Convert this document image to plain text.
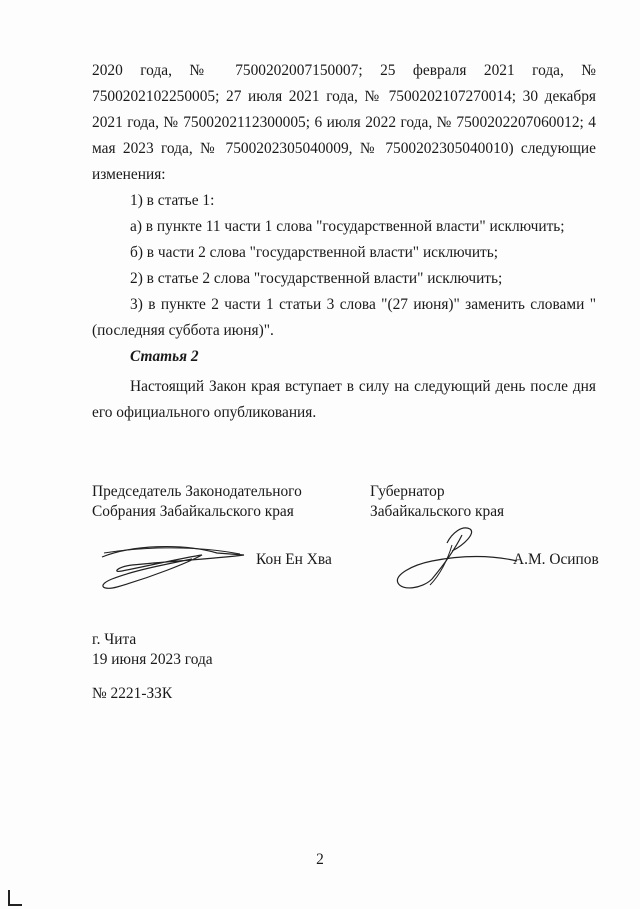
2020 года, № 7500202007150007; 25 февраля 2021 года, № 7500202102250005; 27 июля 2021 года, № 7500202107270014; 30 декабря 2021 года, № 7500202112300005; 6 июля 2022 года, № 7500202207060012; 4 мая 2023 года, № 7500202305040009, № 7500202305040010) следующие изменения:

1) в статье 1:

а) в пункте 11 части 1 слова "государственной власти" исключить;

б) в части 2 слова "государственной власти" исключить;

2) в статье 2 слова "государственной власти" исключить;

3) в пункте 2 части 1 статьи 3 слова "(27 июня)" заменить словами "(последняя суббота июня)".

Статья 2

Настоящий Закон края вступает в силу на следующий день после дня его официального опубликования.

Председатель Законодательного
Собрания Забайкальского края
Губернатор
Забайкальского края
Кон Ен Хва	А.М. Осипов
г. Чита
19 июня 2023 года
№ 2221-ЗЗК
2
